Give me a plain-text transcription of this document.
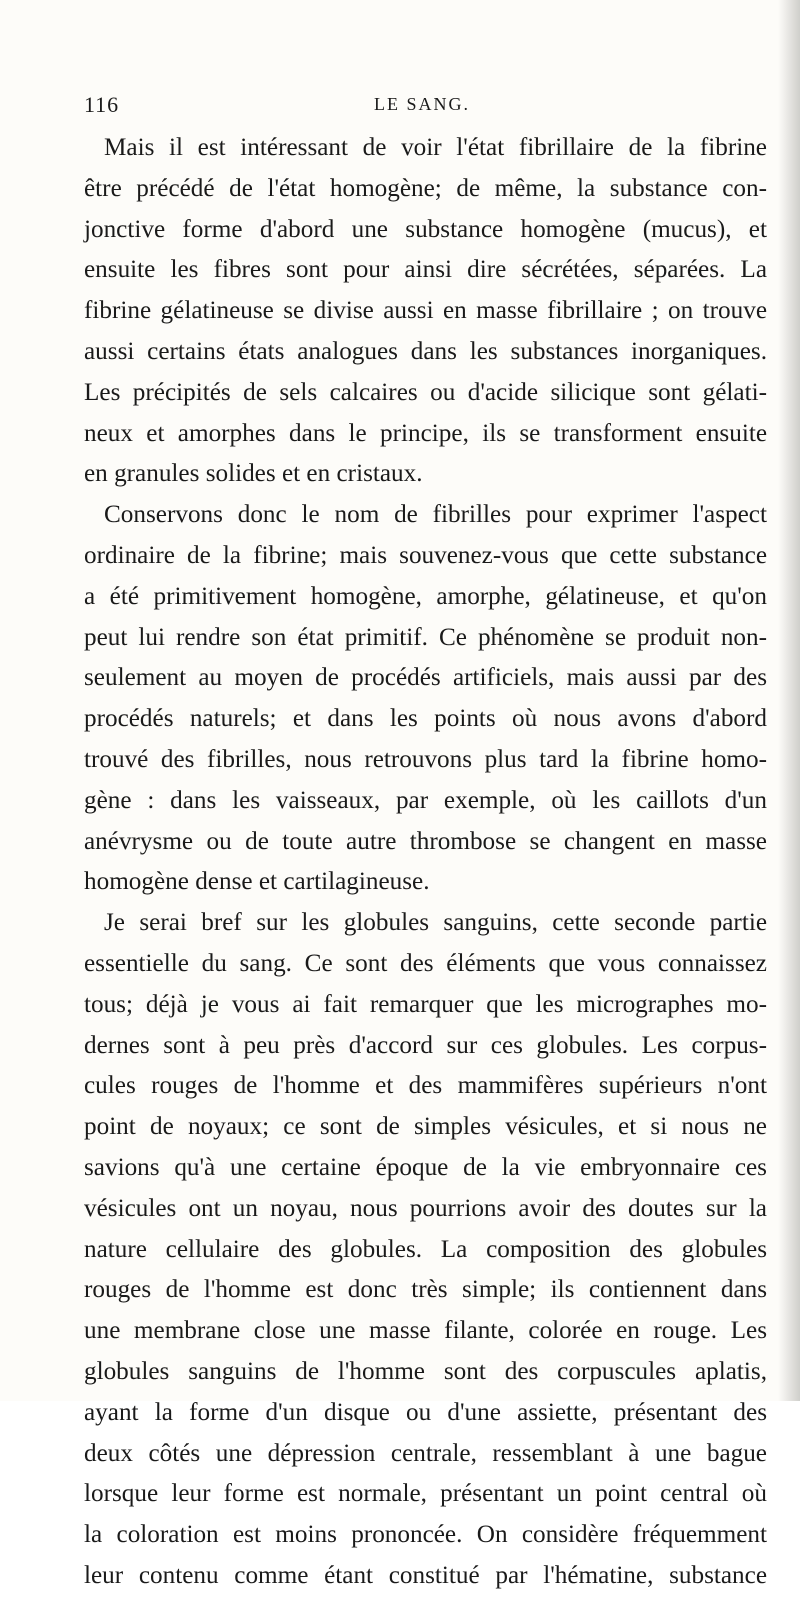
116	LE SANG.
Mais il est intéressant de voir l'état fibrillaire de la fibrine
être précédé de l'état homogène; de même, la substance con-
jonctive forme d'abord une substance homogène (mucus), et
ensuite les fibres sont pour ainsi dire sécrétées, séparées. La
fibrine gélatineuse se divise aussi en masse fibrillaire ; on trouve
aussi certains états analogues dans les substances inorganiques.
Les précipités de sels calcaires ou d'acide silicique sont gélati-
neux et amorphes dans le principe, ils se transforment ensuite
en granules solides et en cristaux.
Conservons donc le nom de fibrilles pour exprimer l'aspect
ordinaire de la fibrine; mais souvenez-vous que cette substance
a été primitivement homogène, amorphe, gélatineuse, et qu'on
peut lui rendre son état primitif. Ce phénomène se produit non-
seulement au moyen de procédés artificiels, mais aussi par des
procédés naturels; et dans les points où nous avons d'abord
trouvé des fibrilles, nous retrouvons plus tard la fibrine homo-
gène : dans les vaisseaux, par exemple, où les caillots d'un
anévrysme ou de toute autre thrombose se changent en masse
homogène dense et cartilagineuse.
Je serai bref sur les globules sanguins, cette seconde partie
essentielle du sang. Ce sont des éléments que vous connaissez
tous; déjà je vous ai fait remarquer que les micrographes mo-
dernes sont à peu près d'accord sur ces globules. Les corpus-
cules rouges de l'homme et des mammifères supérieurs n'ont
point de noyaux; ce sont de simples vésicules, et si nous ne
savions qu'à une certaine époque de la vie embryonnaire ces
vésicules ont un noyau, nous pourrions avoir des doutes sur la
nature cellulaire des globules. La composition des globules
rouges de l'homme est donc très simple; ils contiennent dans
une membrane close une masse filante, colorée en rouge. Les
globules sanguins de l'homme sont des corpuscules aplatis,
ayant la forme d'un disque ou d'une assiette, présentant des
deux côtés une dépression centrale, ressemblant à une bague
lorsque leur forme est normale, présentant un point central où
la coloration est moins prononcée. On considère fréquemment
leur contenu comme étant constitué par l'hématine, substance
